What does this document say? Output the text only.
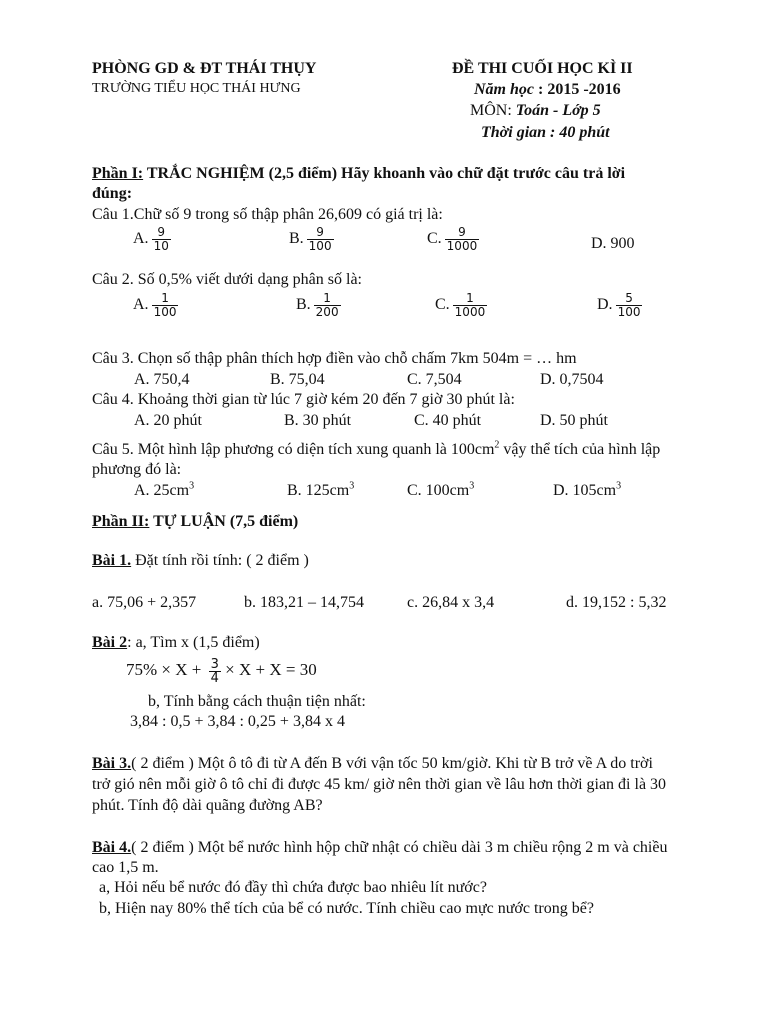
PHÒNG GD & ĐT THÁI THỤY
TRƯỜNG TIỂU HỌC THÁI HƯNG
ĐỀ THI CUỐI HỌC KÌ II
Năm học : 2015 -2016
MÔN: Toán - Lớp 5
Thời gian : 40 phút
Phần I: TRẮC NGHIỆM (2,5 điểm) Hãy khoanh vào chữ đặt trước câu trả lời
đúng:
Câu 1.Chữ số 9 trong số thập phân 26,609 có giá trị là:
A. $\frac{9}{10}$	B. $\frac{9}{100}$	C. $\frac{9}{1000}$	D. 900
Câu 2. Số 0,5% viết dưới dạng phân số là:
A. $\frac{1}{100}$	B. $\frac{1}{200}$	C. $\frac{1}{1000}$	D. $\frac{5}{100}$
Câu 3. Chọn số thập phân thích hợp điền vào chỗ chấm 7km 504m = … hm
A. 750,4	B. 75,04	C. 7,504	D. 0,7504
Câu 4. Khoảng thời gian từ lúc 7 giờ kém 20 đến 7 giờ 30 phút là:
A. 20 phút	B. 30 phút	C. 40 phút	D. 50 phút
Câu 5. Một hình lập phương có diện tích xung quanh là $100cm^2$ vậy thể tích của hình lập
phương đó là:
A. $25cm^3$	B. $125cm^3$	C. $100cm^3$	D. $105cm^3$
Phần II: TỰ LUẬN (7,5 điểm)
Bài 1. Đặt tính rồi tính: ( 2 điểm )
a. 75,06 + 2,357	b. 183,21 – 14,754	c. 26,84 x 3,4	d. 19,152 : 5,32
Bài 2: a, Tìm x (1,5 điểm)
$75\% \times X + \frac{3}{4} \times X + X = 30$
b, Tính bằng cách thuận tiện nhất:
3,84 : 0,5 + 3,84 : 0,25 + 3,84 x 4
Bài 3.( 2 điểm ) Một ô tô đi từ A đến B với vận tốc 50 km/giờ. Khi từ B trở về A do trời
trở gió nên mỗi giờ ô tô chỉ đi được 45 km/ giờ nên thời gian về lâu hơn thời gian đi là 30
phút. Tính độ dài quãng đường AB?
Bài 4.( 2 điểm ) Một bể nước hình hộp chữ nhật có chiều dài 3 m chiều rộng 2 m và chiều
cao 1,5 m.
a, Hỏi nếu bể nước đó đầy thì chứa được bao nhiêu lít nước?
b, Hiện nay 80% thể tích của bể có nước. Tính chiều cao mực nước trong bể?
